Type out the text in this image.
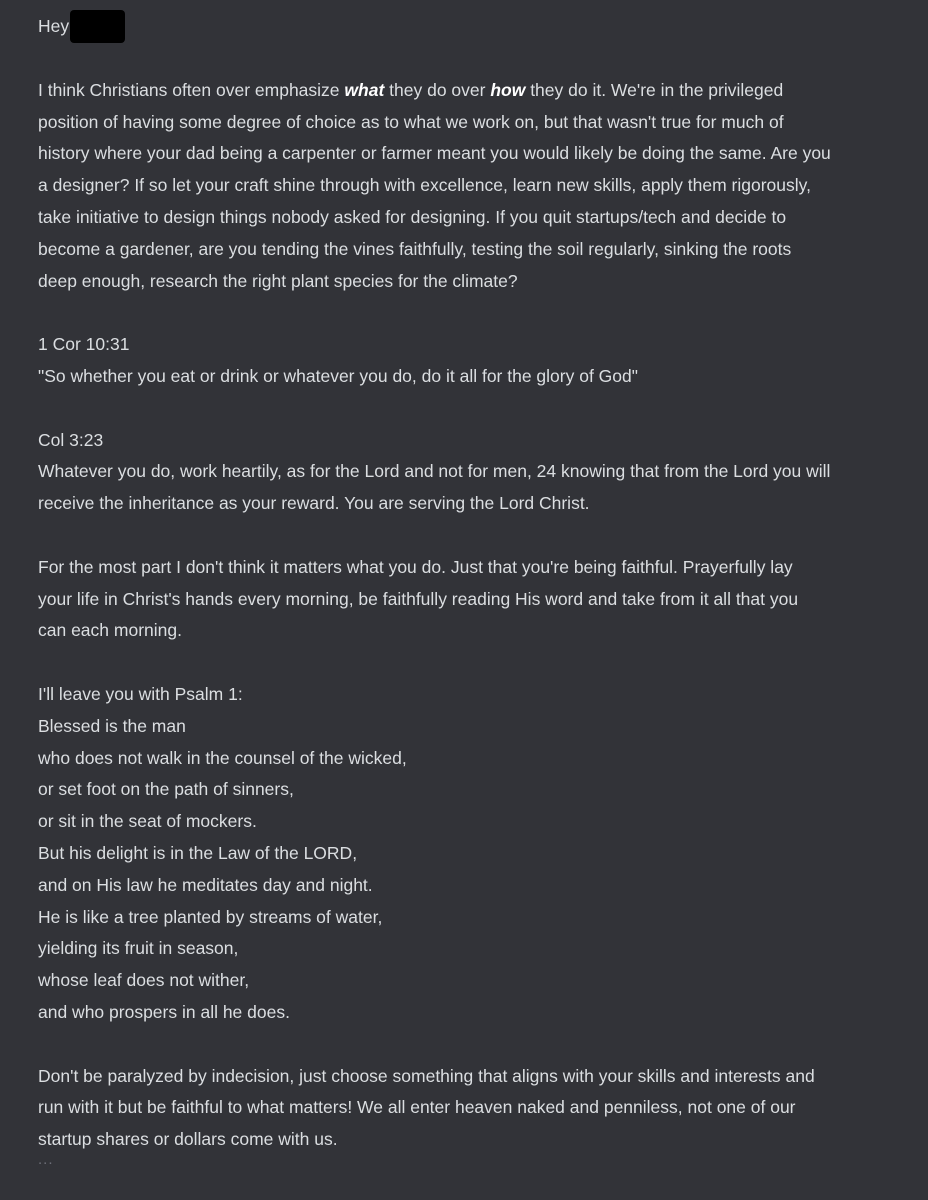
Hey
I think Christians often over emphasize what they do over how they do it. We're in the privileged
position of having some degree of choice as to what we work on, but that wasn't true for much of
history where your dad being a carpenter or farmer meant you would likely be doing the same. Are you
a designer? If so let your craft shine through with excellence, learn new skills, apply them rigorously,
take initiative to design things nobody asked for designing. If you quit startups/tech and decide to
become a gardener, are you tending the vines faithfully, testing the soil regularly, sinking the roots
deep enough, research the right plant species for the climate?
1 Cor 10:31
"So whether you eat or drink or whatever you do, do it all for the glory of God"
Col 3:23
Whatever you do, work heartily, as for the Lord and not for men, 24 knowing that from the Lord you will
receive the inheritance as your reward. You are serving the Lord Christ.
For the most part I don't think it matters what you do. Just that you're being faithful. Prayerfully lay
your life in Christ's hands every morning, be faithfully reading His word and take from it all that you
can each morning.
I'll leave you with Psalm 1:
Blessed is the man
who does not walk in the counsel of the wicked,
or set foot on the path of sinners,
or sit in the seat of mockers.
But his delight is in the Law of the LORD,
and on His law he meditates day and night.
He is like a tree planted by streams of water,
yielding its fruit in season,
whose leaf does not wither,
and who prospers in all he does.
Don't be paralyzed by indecision, just choose something that aligns with your skills and interests and
run with it but be faithful to what matters! We all enter heaven naked and penniless, not one of our
startup shares or dollars come with us.
...
